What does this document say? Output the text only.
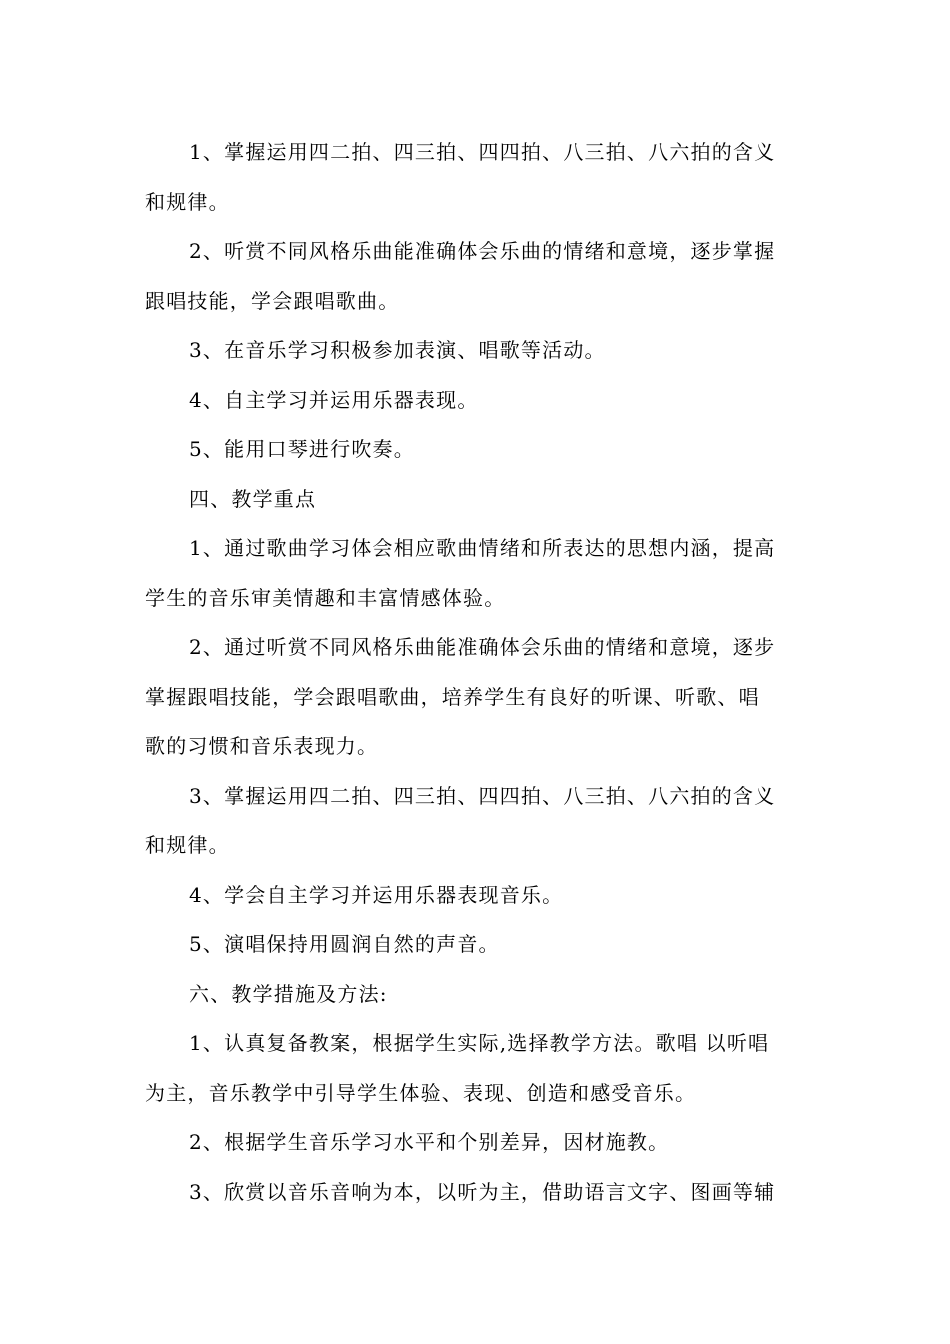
1、掌握运用四二拍、四三拍、四四拍、八三拍、八六拍的含义
和规律。
2、听赏不同风格乐曲能准确体会乐曲的情绪和意境，逐步掌握
跟唱技能，学会跟唱歌曲。
3、在音乐学习积极参加表演、唱歌等活动。
4、自主学习并运用乐器表现。
5、能用口琴进行吹奏。
四、教学重点
1、通过歌曲学习体会相应歌曲情绪和所表达的思想内涵，提高
学生的音乐审美情趣和丰富情感体验。
2、通过听赏不同风格乐曲能准确体会乐曲的情绪和意境，逐步
掌握跟唱技能，学会跟唱歌曲，培养学生有良好的听课、听歌、唱
歌的习惯和音乐表现力。
3、掌握运用四二拍、四三拍、四四拍、八三拍、八六拍的含义
和规律。
4、学会自主学习并运用乐器表现音乐。
5、演唱保持用圆润自然的声音。
六、教学措施及方法:
1、认真复备教案，根据学生实际,选择教学方法。歌唱 以听唱
为主，音乐教学中引导学生体验、表现、创造和感受音乐。
2、根据学生音乐学习水平和个别差异，因材施教。
3、欣赏以音乐音响为本，以听为主，借助语言文字、图画等辅
